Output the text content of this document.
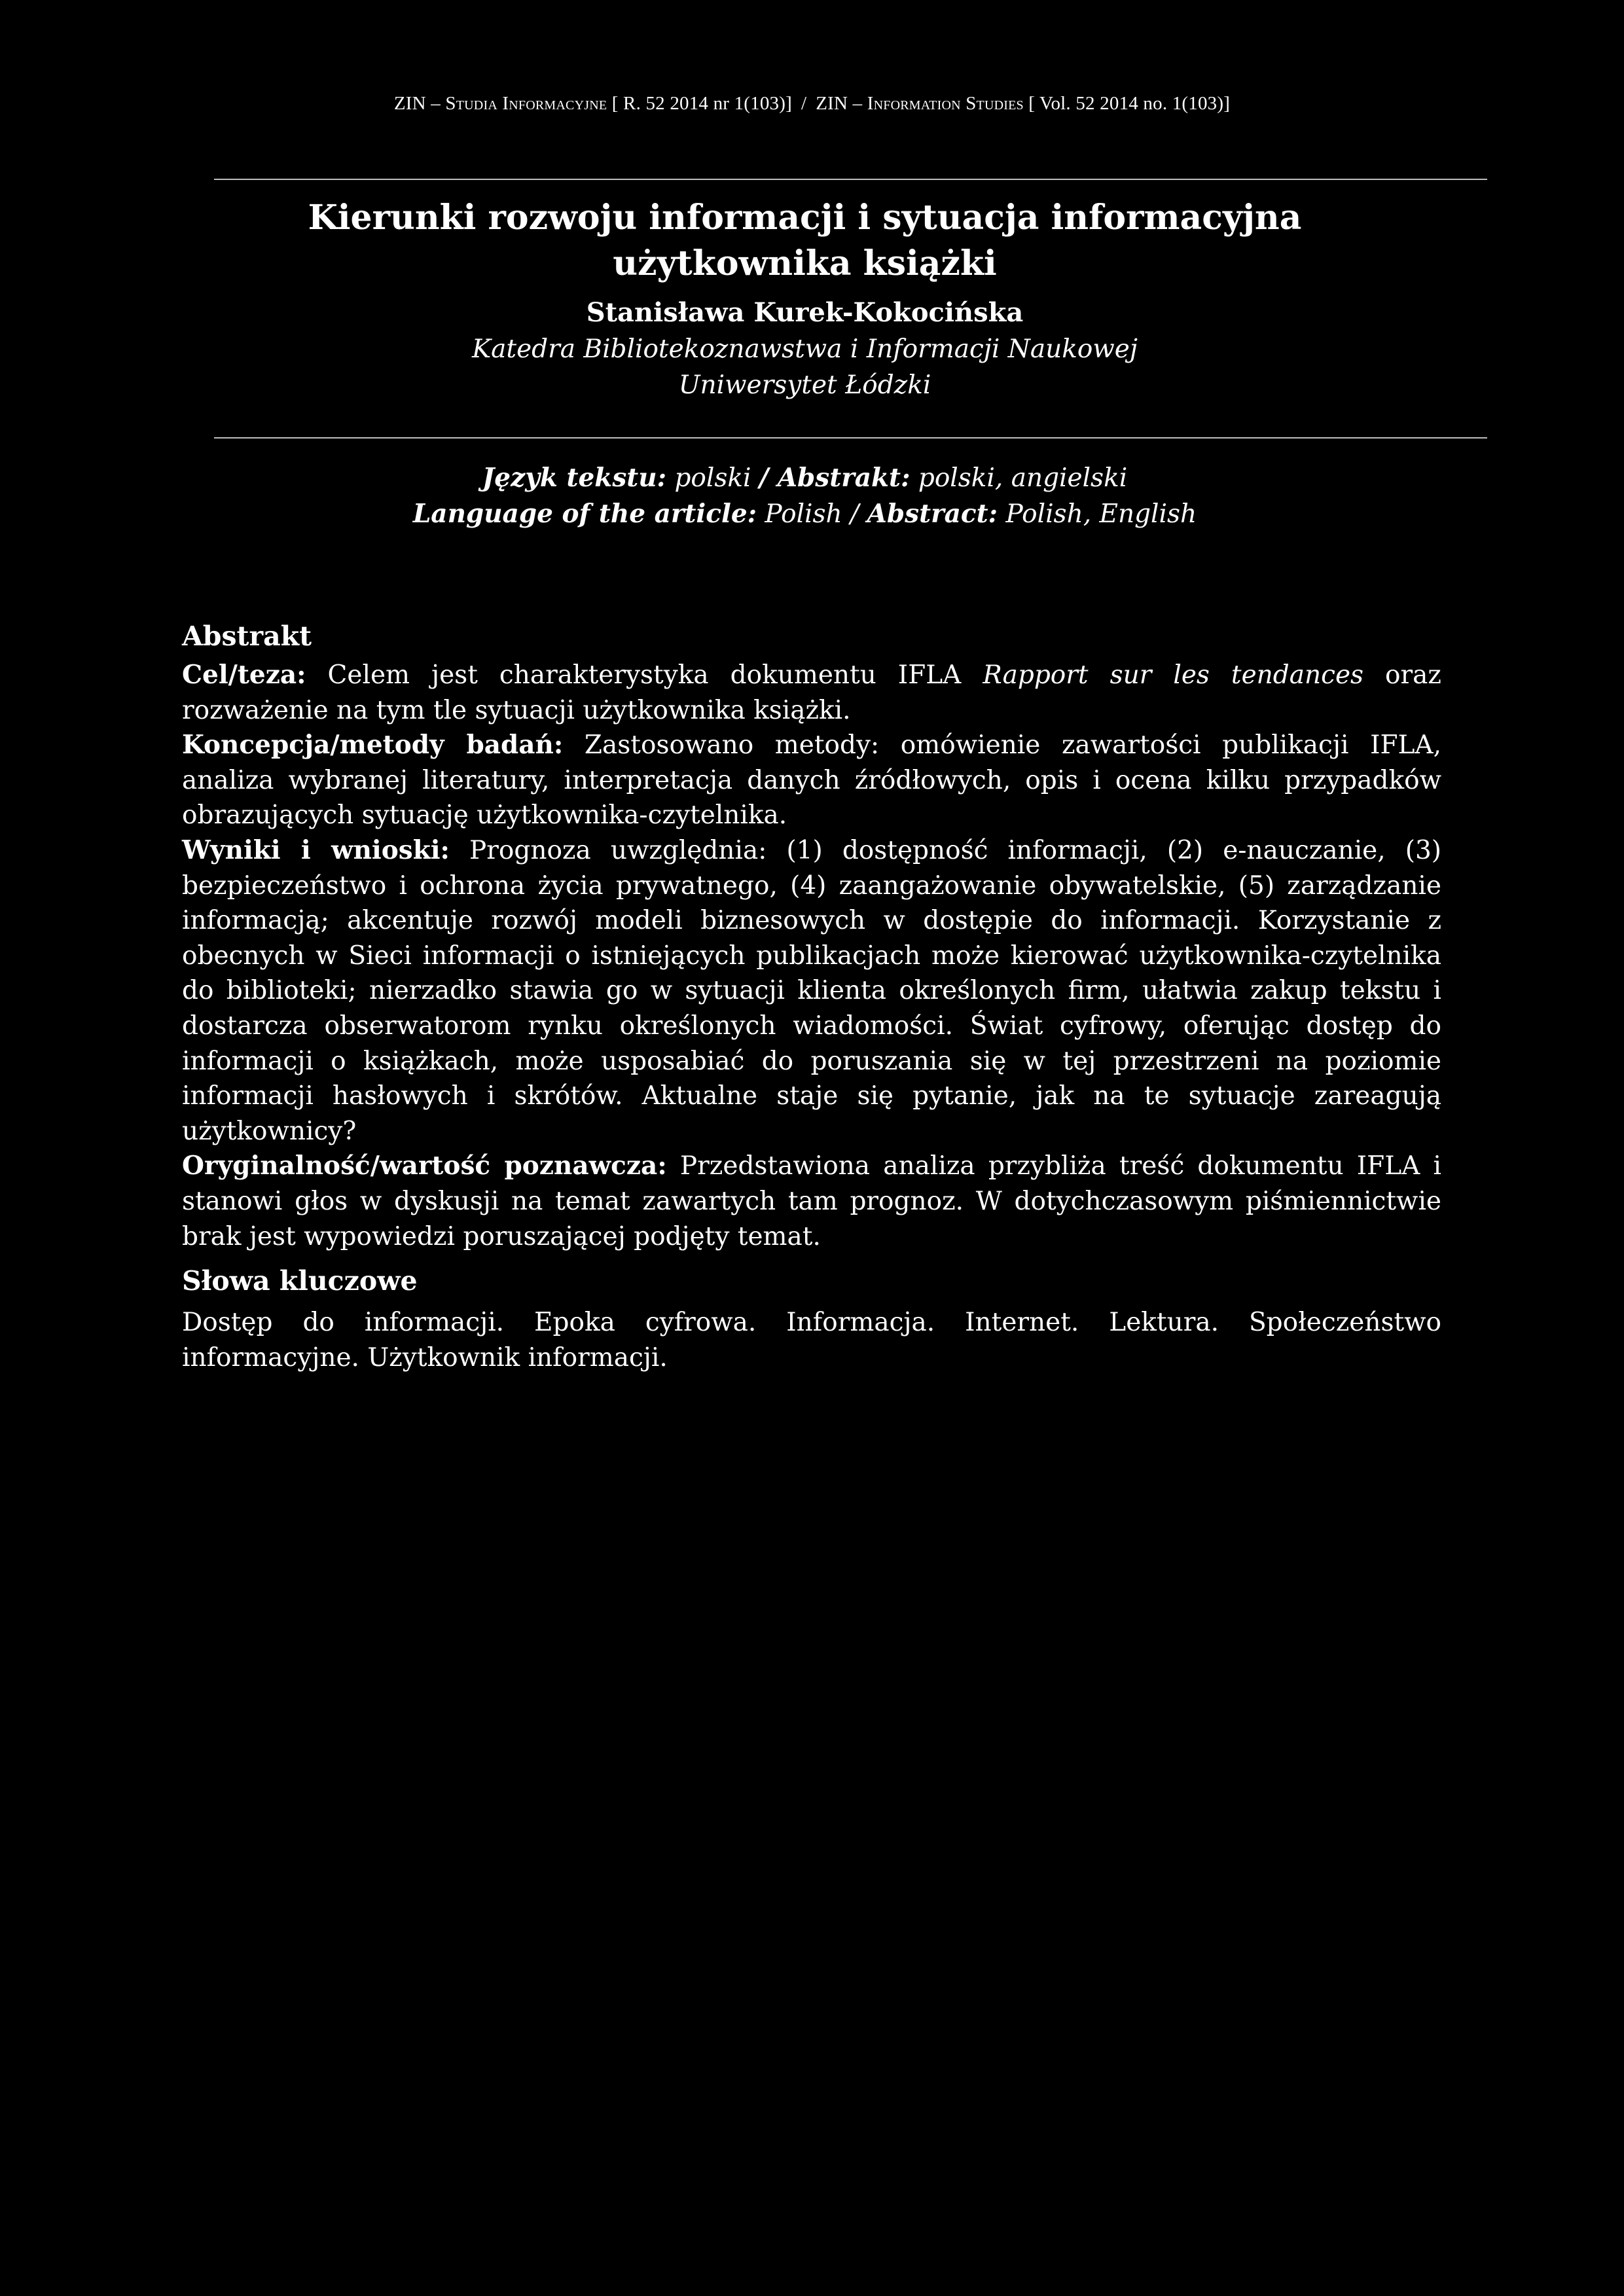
ZIN – Studia Informacyjne [ R. 52 2014 nr 1(103)] / ZIN – Information Studies [ Vol. 52 2014 no. 1(103)]
Kierunki rozwoju informacji i sytuacja informacyjna
użytkownika książki
Stanisława Kurek-Kokocińska
Katedra Bibliotekoznawstwa i Informacji Naukowej
Uniwersytet Łódzki
Język tekstu: polski / Abstrakt: polski, angielski
Language of the article: Polish / Abstract: Polish, English
Abstrakt

Cel/teza: Celem jest charakterystyka dokumentu IFLA Rapport sur les tendances oraz rozważenie na tym tle sytuacji użytkownika książki.

Koncepcja/metody badań: Zastosowano metody: omówienie zawartości publikacji IFLA, analiza wybranej literatury, interpretacja danych źródłowych, opis i ocena kilku przypadków obrazujących sytuację użytkownika-czytelnika.

Wyniki i wnioski: Prognoza uwzględnia: (1) dostępność informacji, (2) e-nauczanie, (3) bezpieczeństwo i ochrona życia prywatnego, (4) zaangażowanie obywatelskie, (5) zarządzanie informacją; akcentuje rozwój modeli biznesowych w dostępie do informacji. Korzystanie z obecnych w Sieci informacji o istniejących publikacjach może kierować użytkownika-czytelnika do biblioteki; nierzadko stawia go w sytuacji klienta określonych firm, ułatwia zakup tekstu i dostarcza obserwatorom rynku określonych wiadomości. Świat cyfrowy, oferując dostęp do informacji o książkach, może usposabiać do poruszania się w tej przestrzeni na poziomie informacji hasłowych i skrótów. Aktualne staje się pytanie, jak na te sytuacje zareagują użytkownicy?

Oryginalność/wartość poznawcza: Przedstawiona analiza przybliża treść dokumentu IFLA i stanowi głos w dyskusji na temat zawartych tam prognoz. W dotychczasowym piśmiennictwie brak jest wypowiedzi poruszającej podjęty temat.

Słowa kluczowe

Dostęp do informacji. Epoka cyfrowa. Informacja. Internet. Lektura. Społeczeństwo informacyjne. Użytkownik informacji.
